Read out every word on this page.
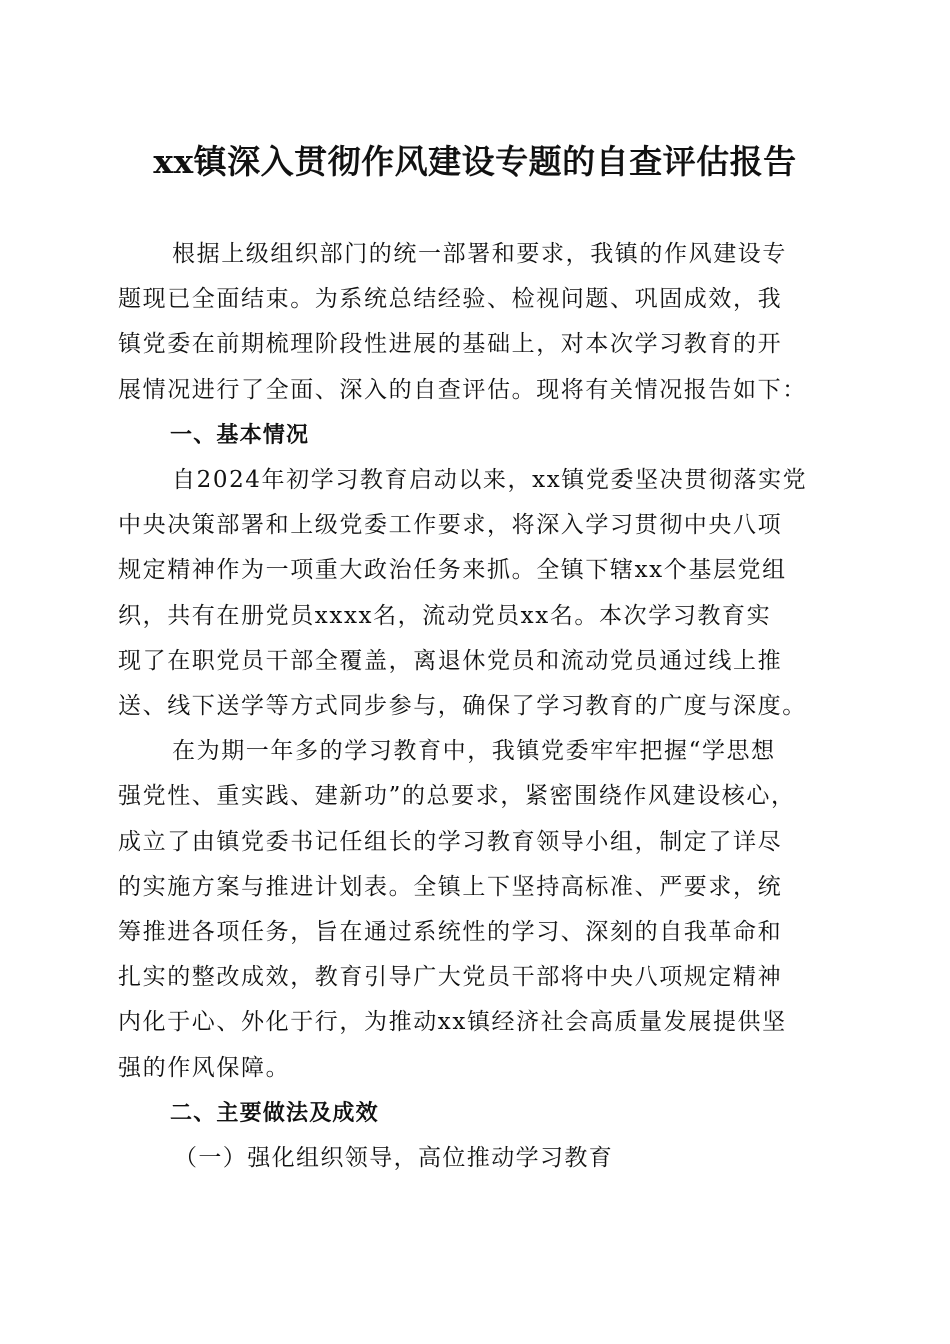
xx镇深入贯彻作风建设专题的自查评估报告

根据上级组织部门的统一部署和要求，我镇的作风建设专
题现已全面结束。为系统总结经验、检视问题、巩固成效，我
镇党委在前期梳理阶段性进展的基础上，对本次学习教育的开
展情况进行了全面、深入的自查评估。现将有关情况报告如下：

一、基本情况

自2024年初学习教育启动以来，xx镇党委坚决贯彻落实党
中央决策部署和上级党委工作要求，将深入学习贯彻中央八项
规定精神作为一项重大政治任务来抓。全镇下辖xx个基层党组
织，共有在册党员xxxx名，流动党员xx名。本次学习教育实
现了在职党员干部全覆盖，离退休党员和流动党员通过线上推
送、线下送学等方式同步参与，确保了学习教育的广度与深度。

在为期一年多的学习教育中，我镇党委牢牢把握“学思想
强党性、重实践、建新功”的总要求，紧密围绕作风建设核心，
成立了由镇党委书记任组长的学习教育领导小组，制定了详尽
的实施方案与推进计划表。全镇上下坚持高标准、严要求，统
筹推进各项任务，旨在通过系统性的学习、深刻的自我革命和
扎实的整改成效，教育引导广大党员干部将中央八项规定精神
内化于心、外化于行，为推动xx镇经济社会高质量发展提供坚
强的作风保障。

二、主要做法及成效

（一）强化组织领导，高位推动学习教育
